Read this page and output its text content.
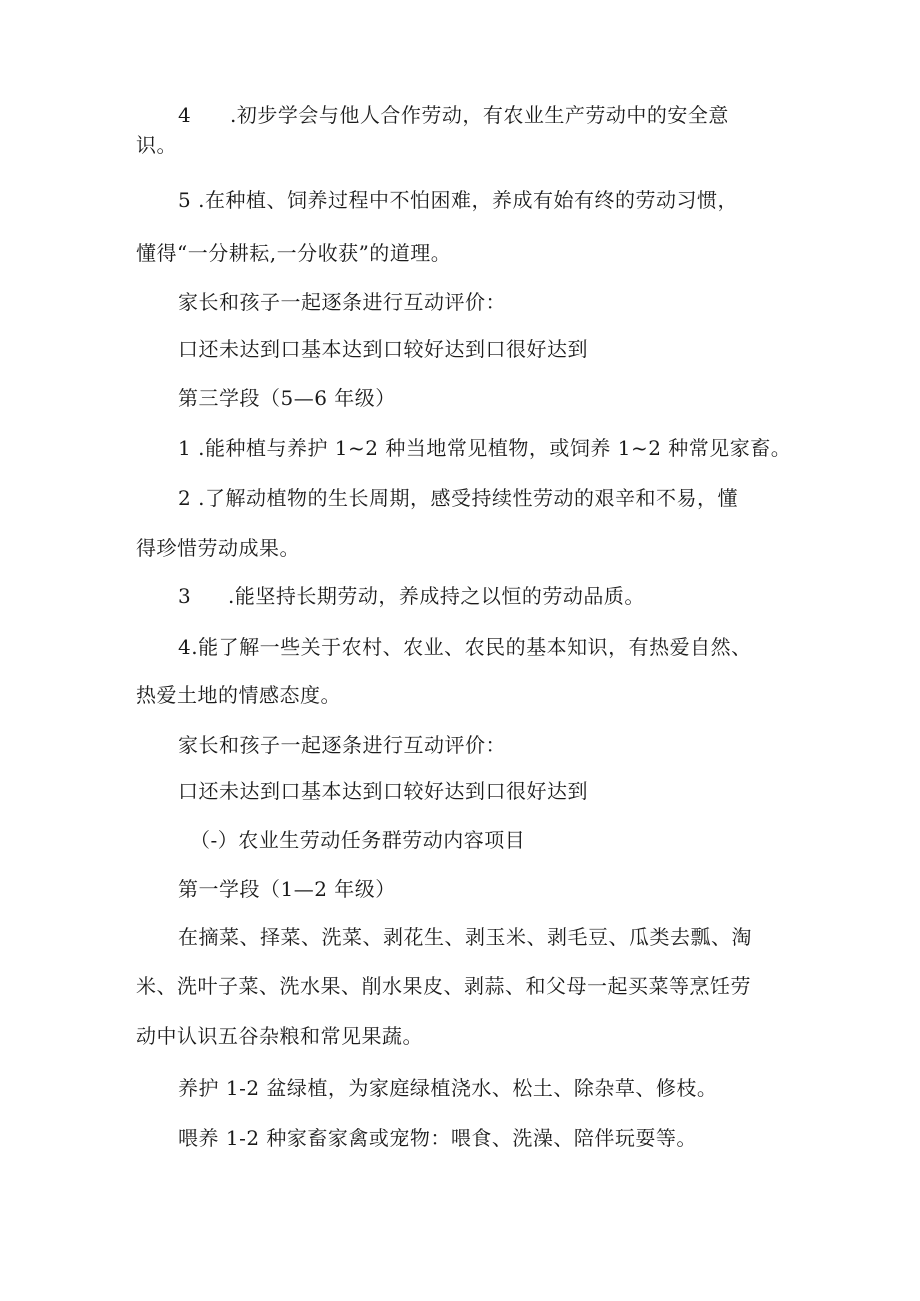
4 .初步学会与他人合作劳动，有农业生产劳动中的安全意
识。
5 .在种植、饲养过程中不怕困难，养成有始有终的劳动习惯，
懂得“一分耕耘,一分收获”的道理。
家长和孩子一起逐条进行互动评价：
口还未达到口基本达到口较好达到口很好达到
第三学段（5—6 年级）
1 .能种植与养护 1~2 种当地常见植物，或饲养 1~2 种常见家畜。
2 .了解动植物的生长周期，感受持续性劳动的艰辛和不易，懂
得珍惜劳动成果。
3 .能坚持长期劳动，养成持之以恒的劳动品质。
4.能了解一些关于农村、农业、农民的基本知识，有热爱自然、
热爱土地的情感态度。
家长和孩子一起逐条进行互动评价：
口还未达到口基本达到口较好达到口很好达到
（-）农业生劳动任务群劳动内容项目
第一学段（1—2 年级）
在摘菜、择菜、洗菜、剥花生、剥玉米、剥毛豆、瓜类去瓢、淘
米、洗叶子菜、洗水果、削水果皮、剥蒜、和父母一起买菜等烹饪劳
动中认识五谷杂粮和常见果蔬。
养护 1-2 盆绿植，为家庭绿植浇水、松土、除杂草、修枝。
喂养 1-2 种家畜家禽或宠物：喂食、洗澡、陪伴玩耍等。
